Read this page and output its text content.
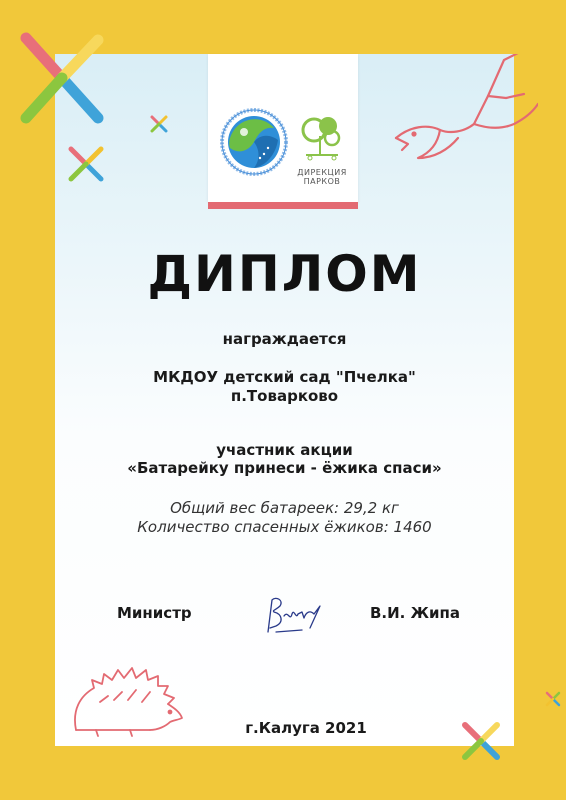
ДИРЕКЦИЯ
ПАРКОВ
ДИПЛОМ
награждается
МКДОУ детский сад "Пчелка"
п.Товарково
участник акции
«Батарейку принеси - ёжика спаси»
Общий вес батареек: 29,2 кг
Количество спасенных ёжиков: 1460
Министр	В.И. Жипа
г.Калуга 2021
